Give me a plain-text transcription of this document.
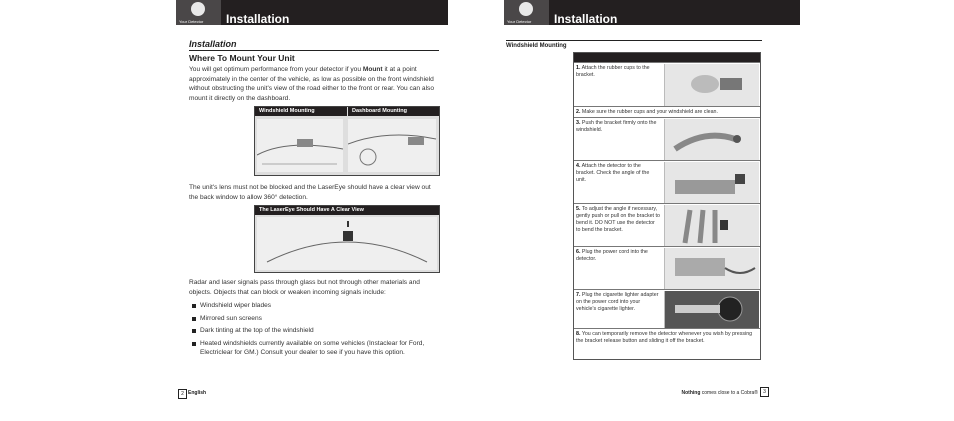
Your Detector Installation
Installation
Where To Mount Your Unit
You will get optimum performance from your detector if you Mount it at a point approximately in the center of the vehicle, as low as possible on the front windshield without obstructing the unit's view of the road either to the front or rear. You can also mount it directly on the dashboard.
Windshield Mounting	Dashboard Mounting
The unit's lens must not be blocked and the LaserEye should have a clear view out the back window to allow 360° detection.
The LaserEye Should Have A Clear View
Radar and laser signals pass through glass but not through other materials and objects. Objects that can block or weaken incoming signals include:
Windshield wiper blades
Mirrored sun screens
Dark tinting at the top of the windshield
Heated windshields currently available on some vehicles (Instaclear for Ford, Electriclear for GM.) Consult your dealer to see if you have this option.
2 English
Your Detector Installation
Windshield Mounting
1. Attach the rubber cups to the bracket.
2. Make sure the rubber cups and your windshield are clean.
3. Push the bracket firmly onto the windshield.
4. Attach the detector to the bracket. Check the angle of the unit.
5. To adjust the angle if necessary, gently push or pull on the bracket to bend it. DO NOT use the detector to bend the bracket.
6. Plug the power cord into the detector.
7. Plug the cigarette lighter adapter on the power cord into your vehicle's cigarette lighter.
8. You can temporarily remove the detector whenever you wish by pressing the bracket release button and sliding it off the bracket.
Nothing comes close to a Cobra®	3
